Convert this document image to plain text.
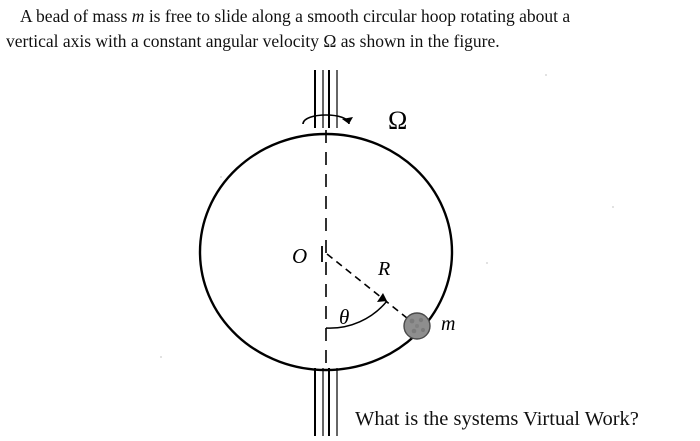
A bead of mass m is free to slide along a smooth circular hoop rotating about a
vertical axis with a constant angular velocity Ω as shown in the figure.
Ω
O
R
θ	m
What is the systems Virtual Work?
